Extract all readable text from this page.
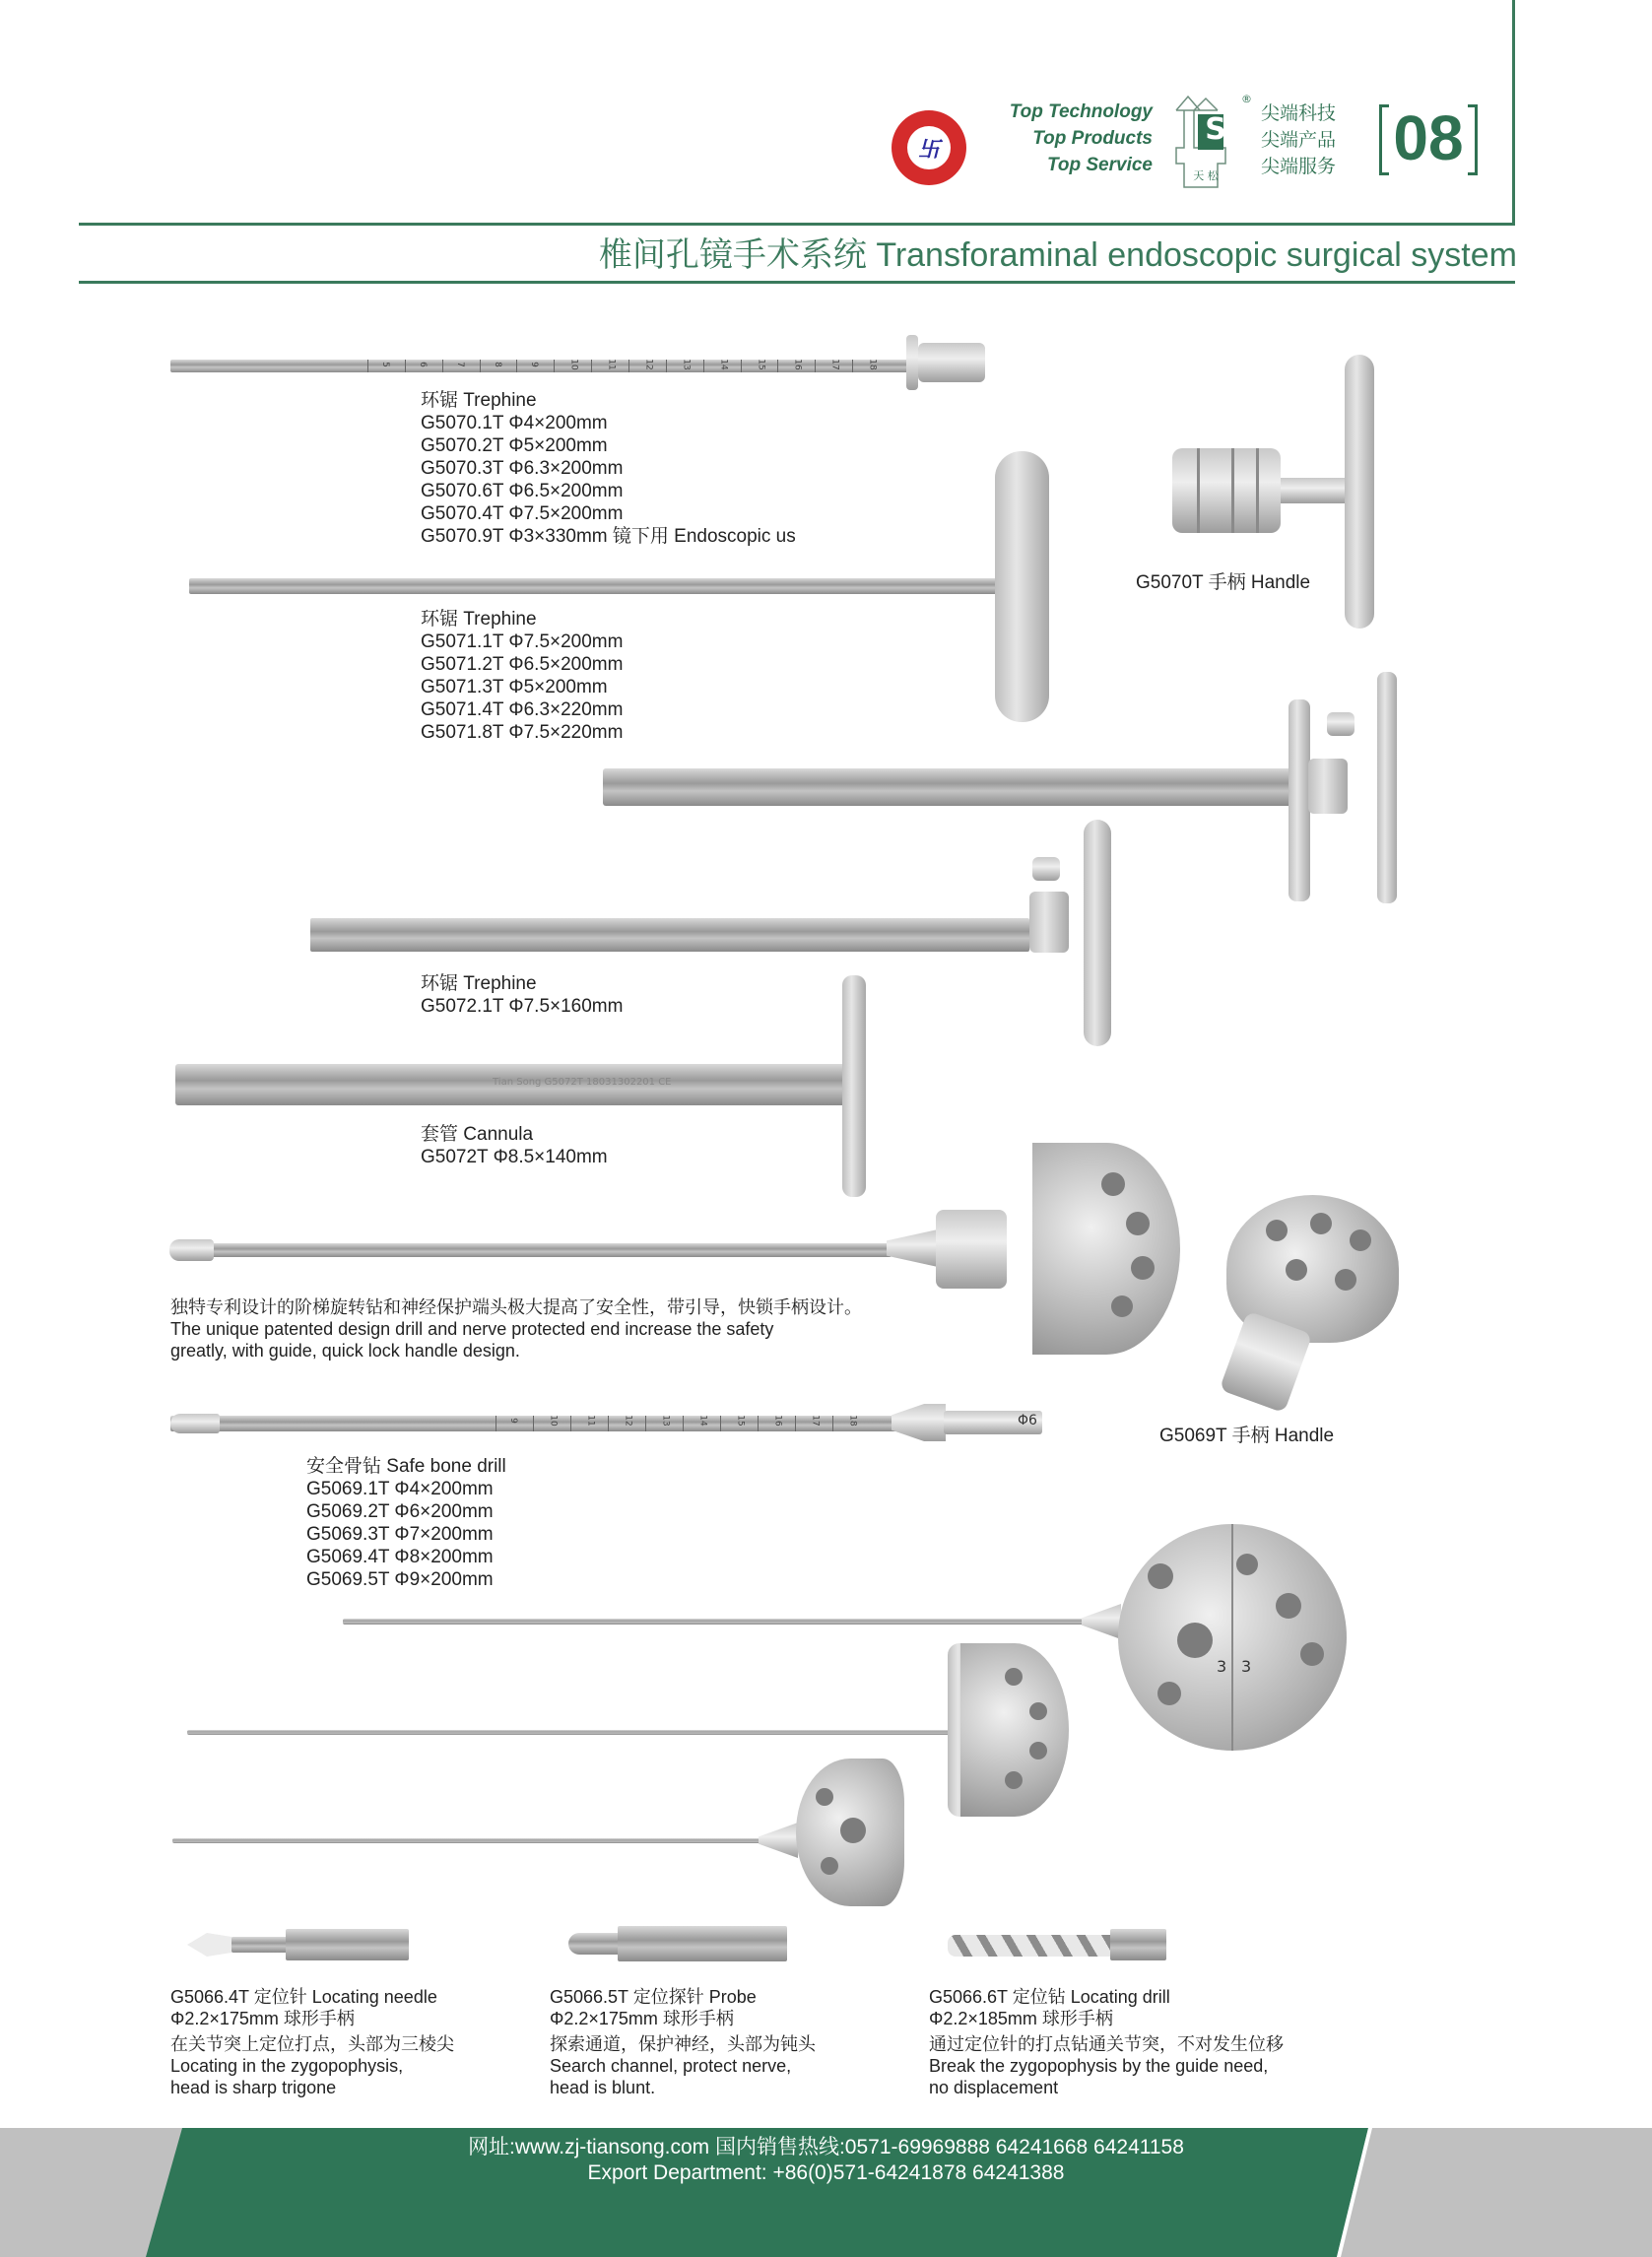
卐
Top Technology
Top Products
Top Service
S
天 松
®
尖端科技
尖端产品
尖端服务 08
椎间孔镜手术系统 Transforaminal endoscopic surgical system
5	6	7	8	9	10	11	12	13	14	15	16	17	18
环锯 Trephine
G5070.1T Φ4×200mm
G5070.2T Φ5×200mm
G5070.3T Φ6.3×200mm
G5070.6T Φ6.5×200mm
G5070.4T Φ7.5×200mm
G5070.9T Φ3×330mm 镜下用 Endoscopic us
G5070T 手柄 Handle
环锯 Trephine
G5071.1T Φ7.5×200mm
G5071.2T Φ6.5×200mm
G5071.3T Φ5×200mm
G5071.4T Φ6.3×220mm
G5071.8T Φ7.5×220mm
环锯 Trephine
G5072.1T Φ7.5×160mm
Tian Song G5072T 18031302201 CE
套管 Cannula
G5072T Φ8.5×140mm
独特专利设计的阶梯旋转钻和神经保护端头极大提高了安全性，带引导，快锁手柄设计。
The unique patented design drill and nerve protected end increase the safety
greatly, with guide, quick lock handle design.
G5069T 手柄 Handle
9	10	11	12	13	14	15	16	17	18	Φ6
安全骨钻 Safe bone drill
G5069.1T Φ4×200mm
G5069.2T Φ6×200mm
G5069.3T Φ7×200mm
G5069.4T Φ8×200mm
G5069.5T Φ9×200mm
3 3
G5066.4T 定位针 Locating needle
Φ2.2×175mm 球形手柄
在关节突上定位打点，头部为三棱尖
Locating in the zygopophysis,
head is sharp trigone
G5066.5T 定位探针 Probe
Φ2.2×175mm 球形手柄
探索通道，保护神经，头部为钝头
Search channel, protect nerve,
head is blunt.
G5066.6T 定位钻 Locating drill
Φ2.2×185mm 球形手柄
通过定位针的打点钻通关节突，不对发生位移
Break the zygopophysis by the guide need,
no displacement
网址:www.zj-tiansong.com 国内销售热线:0571-69969888 64241668 64241158
Export Department: +86(0)571-64241878 64241388
